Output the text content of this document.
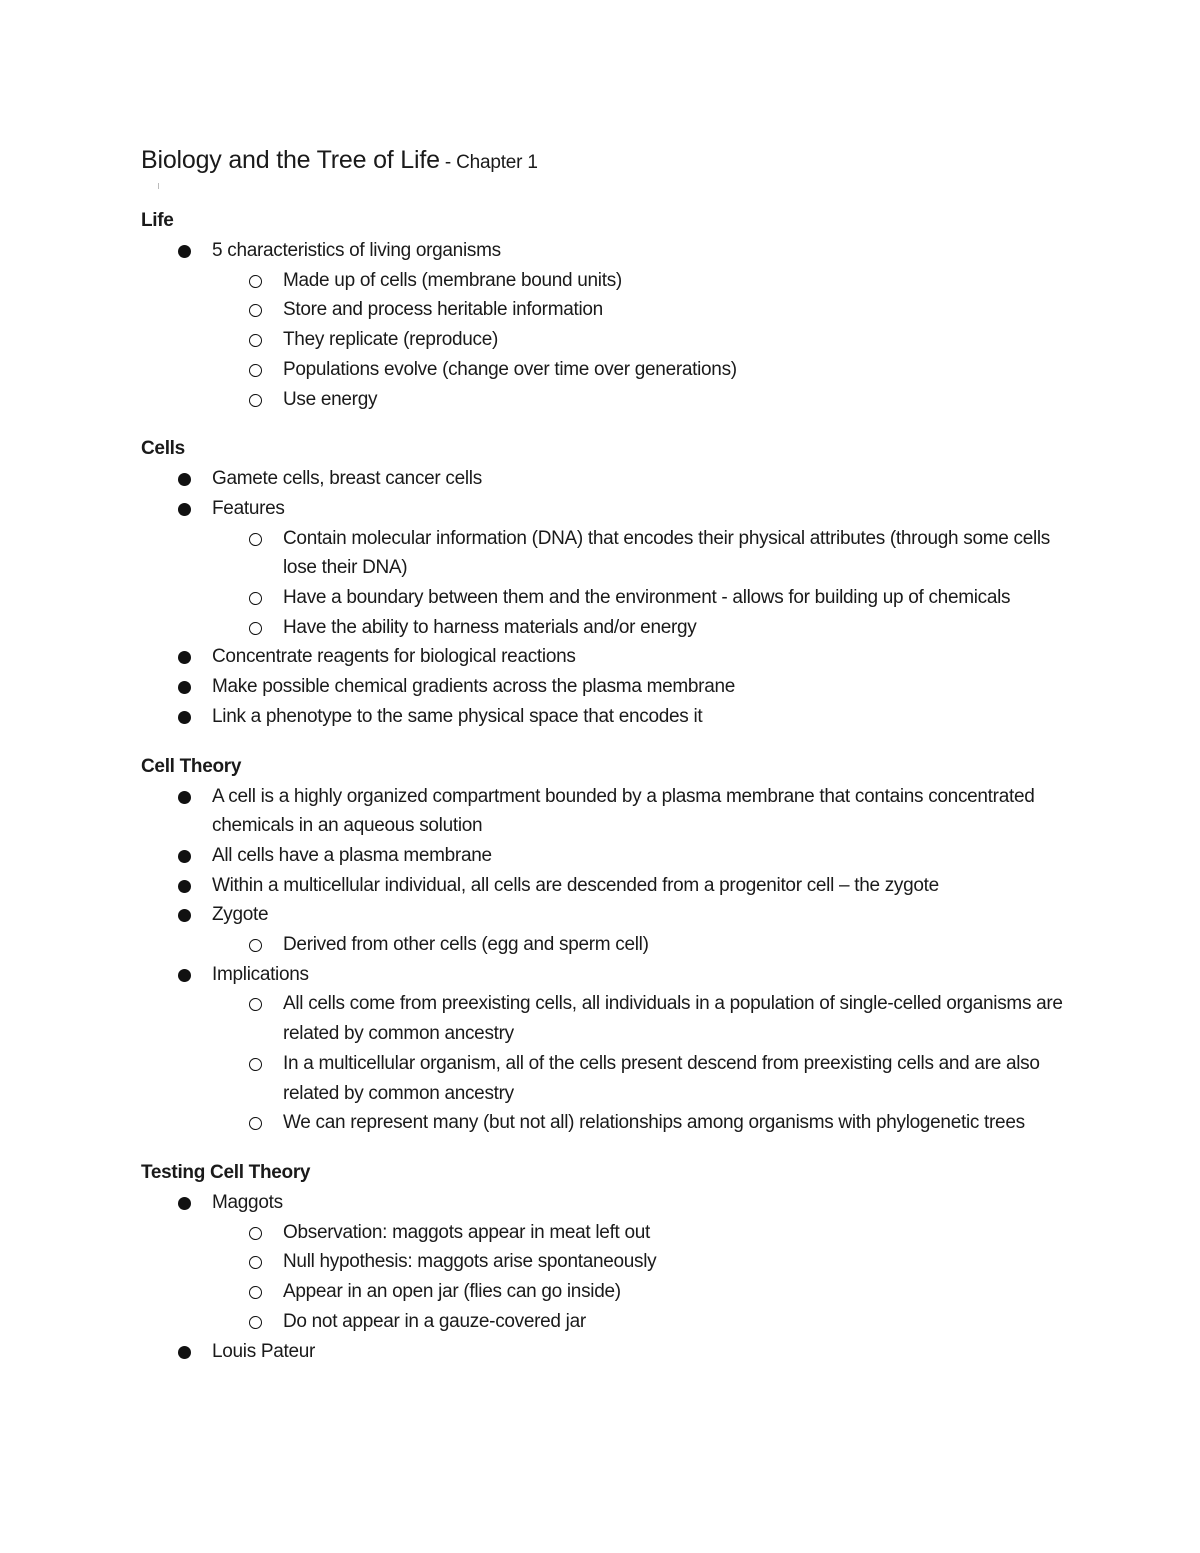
Biology and the Tree of Life - Chapter 1
Life
5 characteristics of living organisms
Made up of cells (membrane bound units)
Store and process heritable information
They replicate (reproduce)
Populations evolve (change over time over generations)
Use energy
Cells
Gamete cells, breast cancer cells
Features
Contain molecular information (DNA) that encodes their physical attributes (through some cells lose their DNA)
Have a boundary between them and the environment - allows for building up of chemicals
Have the ability to harness materials and/or energy
Concentrate reagents for biological reactions
Make possible chemical gradients across the plasma membrane
Link a phenotype to the same physical space that encodes it
Cell Theory
A cell is a highly organized compartment bounded by a plasma membrane that contains concentrated chemicals in an aqueous solution
All cells have a plasma membrane
Within a multicellular individual, all cells are descended from a progenitor cell – the zygote
Zygote
Derived from other cells (egg and sperm cell)
Implications
All cells come from preexisting cells, all individuals in a population of single-celled organisms are related by common ancestry
In a multicellular organism, all of the cells present descend from preexisting cells and are also related by common ancestry
We can represent many (but not all) relationships among organisms with phylogenetic trees
Testing Cell Theory
Maggots
Observation: maggots appear in meat left out
Null hypothesis: maggots arise spontaneously
Appear in an open jar (flies can go inside)
Do not appear in a gauze-covered jar
Louis Pateur
